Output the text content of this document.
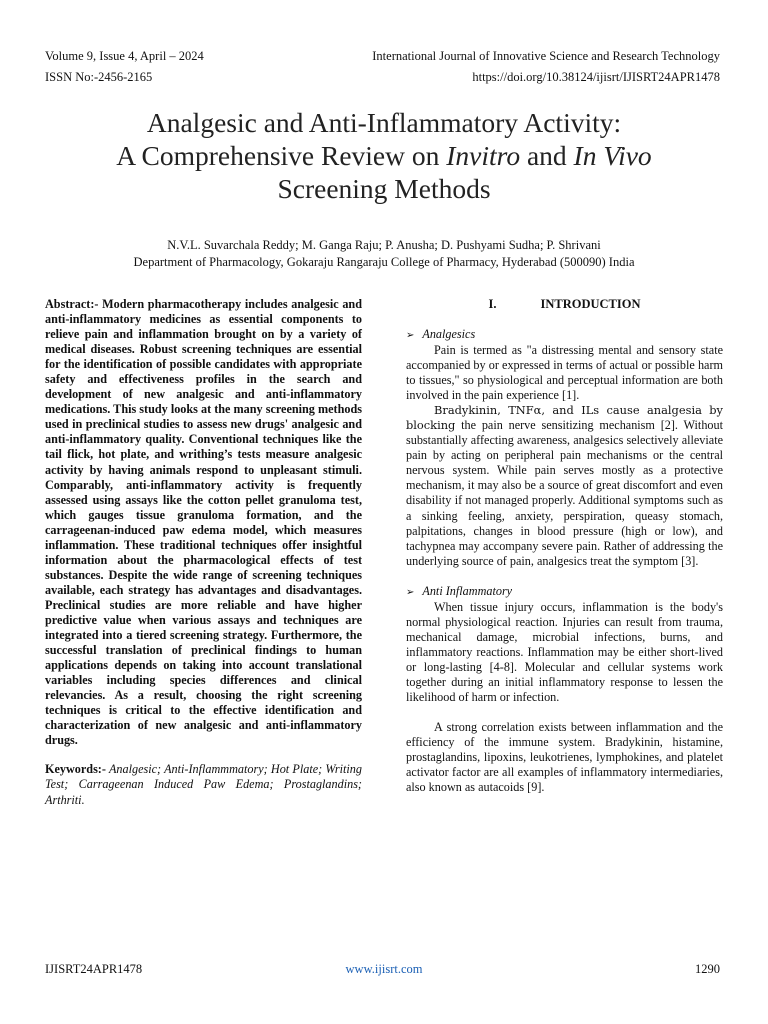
Volume 9, Issue 4, April – 2024
ISSN No:-2456-2165
International Journal of Innovative Science and Research Technology
https://doi.org/10.38124/ijisrt/IJISRT24APR1478
Analgesic and Anti-Inflammatory Activity:
A Comprehensive Review on Invitro and In Vivo
Screening Methods
N.V.L. Suvarchala Reddy; M. Ganga Raju; P. Anusha; D. Pushyami Sudha; P. Shrivani
Department of Pharmacology, Gokaraju Rangaraju College of Pharmacy, Hyderabad (500090) India

Abstract:- Modern pharmacotherapy includes analgesic and anti-inflammatory medicines as essential components to relieve pain and inflammation brought on by a variety of medical diseases. Robust screening techniques are essential for the identification of possible candidates with appropriate safety and effectiveness profiles in the search and development of new analgesic and anti-inflammatory medications. This study looks at the many screening methods used in preclinical studies to assess new drugs' analgesic and anti-inflammatory quality. Conventional techniques like the tail flick, hot plate, and writhing’s tests measure analgesic activity by having animals respond to unpleasant stimuli. Comparably, anti-inflammatory activity is frequently assessed using assays like the cotton pellet granuloma test, which gauges tissue granuloma formation, and the carrageenan-induced paw edema model, which measures inflammation. These traditional techniques offer insightful information about the pharmacological effects of test substances. Despite the wide range of screening techniques available, each strategy has advantages and disadvantages. Preclinical studies are more reliable and have higher predictive value when various assays and techniques are integrated into a tiered screening strategy. Furthermore, the successful translation of preclinical findings to human applications depends on taking into account translational variables including species differences and clinical relevancies. As a result, choosing the right screening techniques is critical to the effective identification and characterization of new analgesic and anti-inflammatory drugs.

Keywords:- Analgesic; Anti-Inflammmatory; Hot Plate; Writing Test; Carrageenan Induced Paw Edema; Prostaglandins; Arthriti.

I.	INTRODUCTION
➢ Analgesics

Pain is termed as "a distressing mental and sensory state accompanied by or expressed in terms of actual or possible harm to tissues," so physiological and perceptual information are both involved in the pain experience [1].

Bradykinin, TNFα, and ILs cause analgesia by blocking the pain nerve sensitizing mechanism [2]. Without substantially affecting awareness, analgesics selectively alleviate pain by acting on peripheral pain mechanisms or the central nervous system. While pain serves mostly as a protective mechanism, it may also be a source of great discomfort and even disability if not managed properly. Additional symptoms such as a sinking feeling, anxiety, perspiration, queasy stomach, palpitations, changes in blood pressure (high or low), and tachypnea may accompany severe pain. Rather of addressing the underlying source of pain, analgesics treat the symptom [3].

➢ Anti Inflammatory

When tissue injury occurs, inflammation is the body's normal physiological reaction. Injuries can result from trauma, mechanical damage, microbial infections, burns, and inflammatory reactions. Inflammation may be either short-lived or long-lasting [4-8]. Molecular and cellular systems work together during an initial inflammatory response to lessen the likelihood of harm or infection.

A strong correlation exists between inflammation and the efficiency of the immune system. Bradykinin, histamine, prostaglandins, lipoxins, leukotrienes, lymphokines, and platelet activator factor are all examples of inflammatory intermediaries, also known as autacoids [9].

IJISRT24APR1478	www.ijisrt.com	1290
